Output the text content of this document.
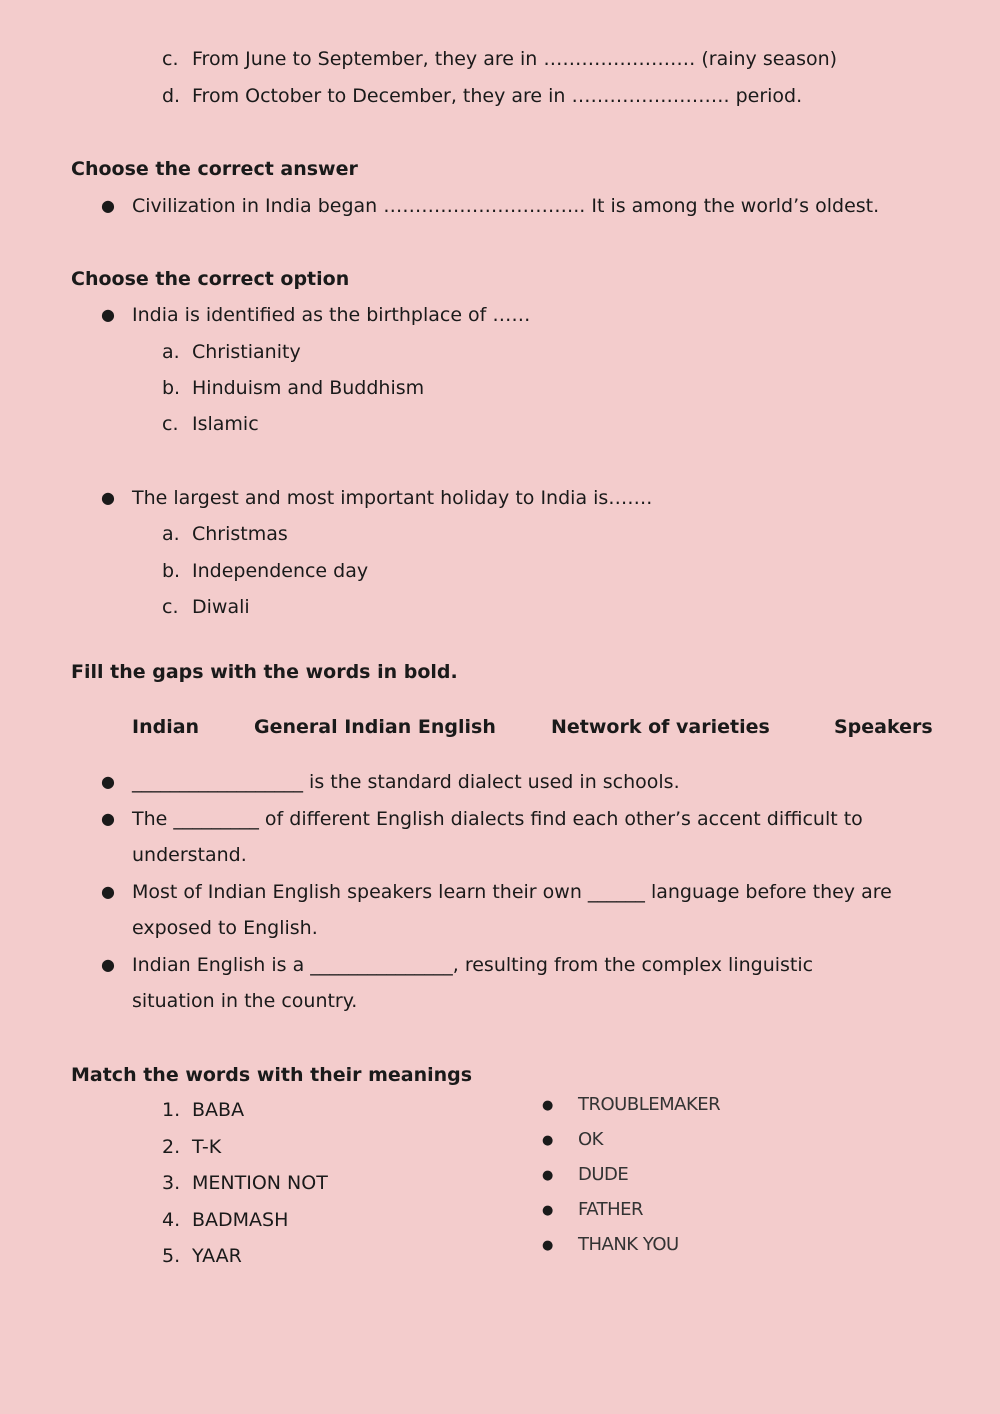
c. From June to September, they are in …………………… (rainy season)
d. From October to December, they are in ……………………. period.
Choose the correct answer
● Civilization in India began ………………………….. It is among the world’s oldest.
Choose the correct option
● India is identified as the birthplace of ……
a. Christianity
b. Hinduism and Buddhism
c. Islamic
● The largest and most important holiday to India is…….
a. Christmas
b. Independence day
c. Diwali
Fill the gaps with the words in bold.
Indian	General Indian English	Network of varieties	Speakers
● __________________ is the standard dialect used in schools.
● The _________ of different English dialects find each other’s accent difficult to
understand.
● Most of Indian English speakers learn their own ______ language before they are
exposed to English.
● Indian English is a _______________, resulting from the complex linguistic
situation in the country.
Match the words with their meanings
1. BABA
2. T-K
3. MENTION NOT
4. BADMASH
5. YAAR
● TROUBLEMAKER
● OK
● DUDE
● FATHER
● THANK YOU
